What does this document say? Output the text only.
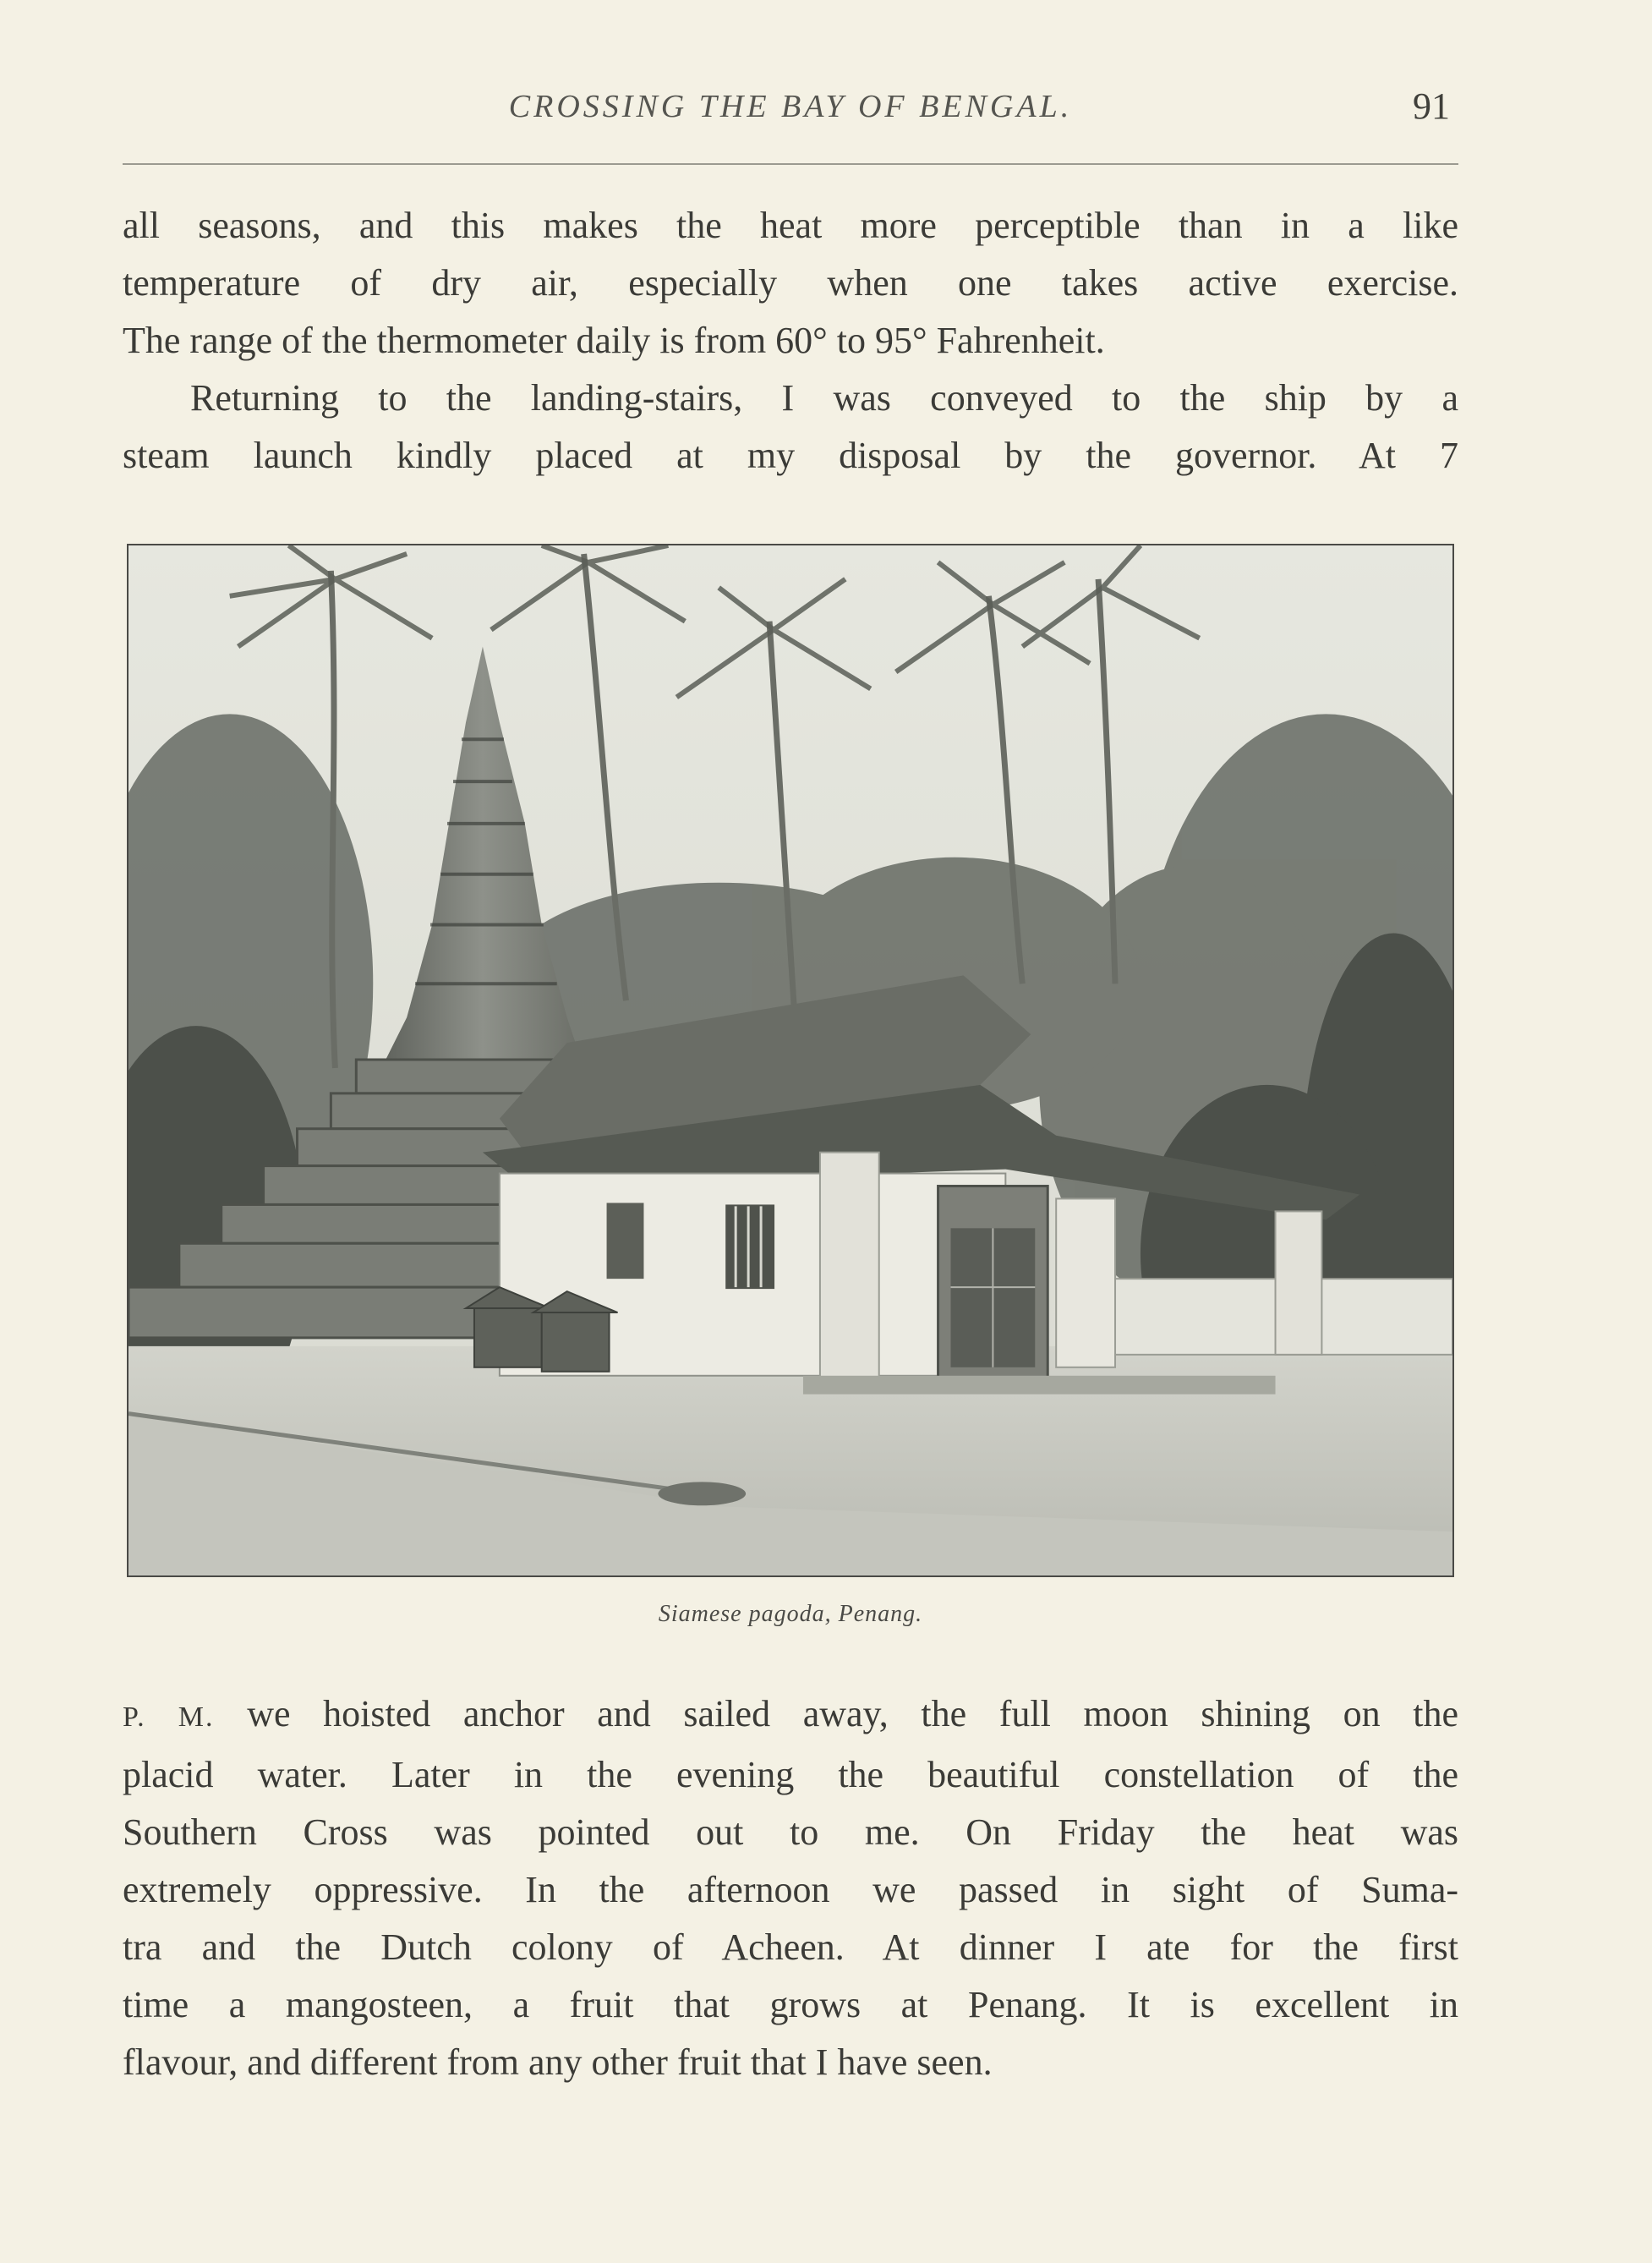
CROSSING THE BAY OF BENGAL.	91
all seasons, and this makes the heat more perceptible than in a like
temperature of dry air, especially when one takes active exercise.
The range of the thermometer daily is from 60° to 95° Fahrenheit.
Returning to the landing-stairs, I was conveyed to the ship by a
steam launch kindly placed at my disposal by the governor. At 7
Siamese pagoda, Penang.
P. M. we hoisted anchor and sailed away, the full moon shining on the
placid water. Later in the evening the beautiful constellation of the
Southern Cross was pointed out to me. On Friday the heat was
extremely oppressive. In the afternoon we passed in sight of Suma-
tra and the Dutch colony of Acheen. At dinner I ate for the first
time a mangosteen, a fruit that grows at Penang. It is excellent in
flavour, and different from any other fruit that I have seen.
